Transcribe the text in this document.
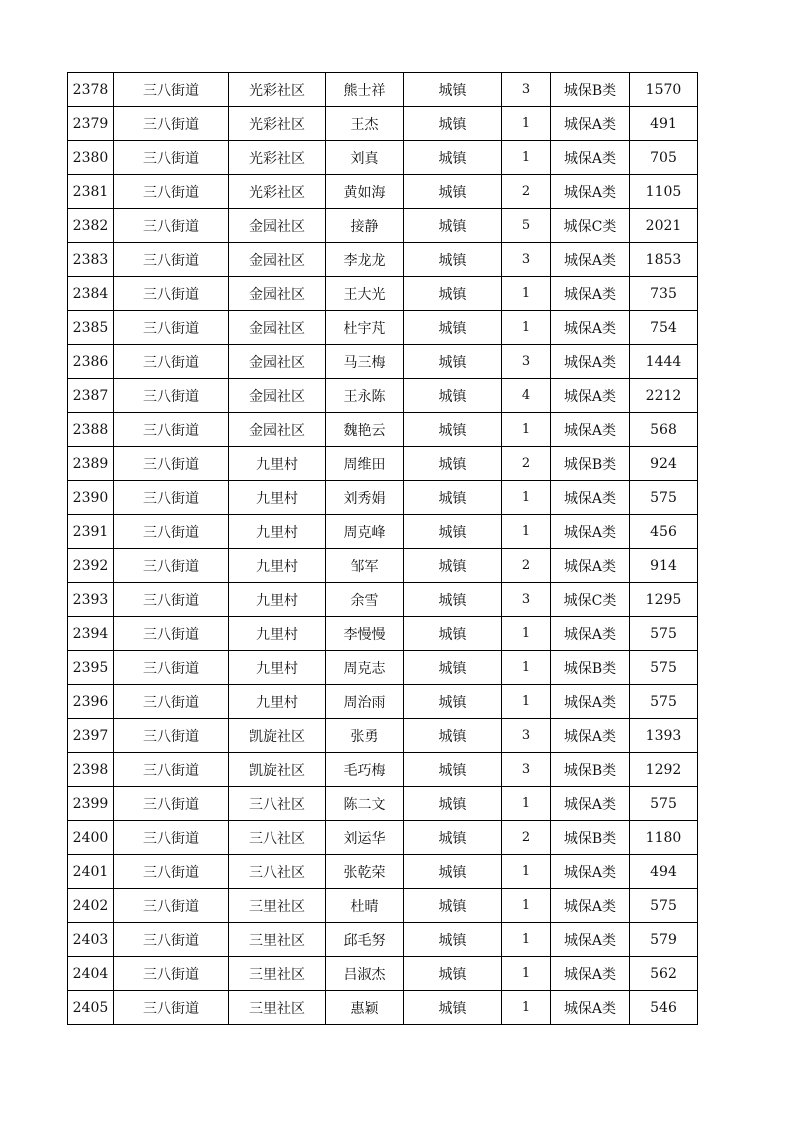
2378	三八街道	光彩社区	熊士祥	城镇	3	城保B类	1570
2379	三八街道	光彩社区	王杰	城镇	1	城保A类	491
2380	三八街道	光彩社区	刘真	城镇	1	城保A类	705
2381	三八街道	光彩社区	黄如海	城镇	2	城保A类	1105
2382	三八街道	金园社区	接静	城镇	5	城保C类	2021
2383	三八街道	金园社区	李龙龙	城镇	3	城保A类	1853
2384	三八街道	金园社区	王大光	城镇	1	城保A类	735
2385	三八街道	金园社区	杜宇芃	城镇	1	城保A类	754
2386	三八街道	金园社区	马三梅	城镇	3	城保A类	1444
2387	三八街道	金园社区	王永陈	城镇	4	城保A类	2212
2388	三八街道	金园社区	魏艳云	城镇	1	城保A类	568
2389	三八街道	九里村	周维田	城镇	2	城保B类	924
2390	三八街道	九里村	刘秀娟	城镇	1	城保A类	575
2391	三八街道	九里村	周克峰	城镇	1	城保A类	456
2392	三八街道	九里村	邹军	城镇	2	城保A类	914
2393	三八街道	九里村	余雪	城镇	3	城保C类	1295
2394	三八街道	九里村	李慢慢	城镇	1	城保A类	575
2395	三八街道	九里村	周克志	城镇	1	城保B类	575
2396	三八街道	九里村	周治雨	城镇	1	城保A类	575
2397	三八街道	凯旋社区	张勇	城镇	3	城保A类	1393
2398	三八街道	凯旋社区	毛巧梅	城镇	3	城保B类	1292
2399	三八街道	三八社区	陈二文	城镇	1	城保A类	575
2400	三八街道	三八社区	刘运华	城镇	2	城保B类	1180
2401	三八街道	三八社区	张乾荣	城镇	1	城保A类	494
2402	三八街道	三里社区	杜晴	城镇	1	城保A类	575
2403	三八街道	三里社区	邱毛努	城镇	1	城保A类	579
2404	三八街道	三里社区	吕淑杰	城镇	1	城保A类	562
2405	三八街道	三里社区	惠颖	城镇	1	城保A类	546
